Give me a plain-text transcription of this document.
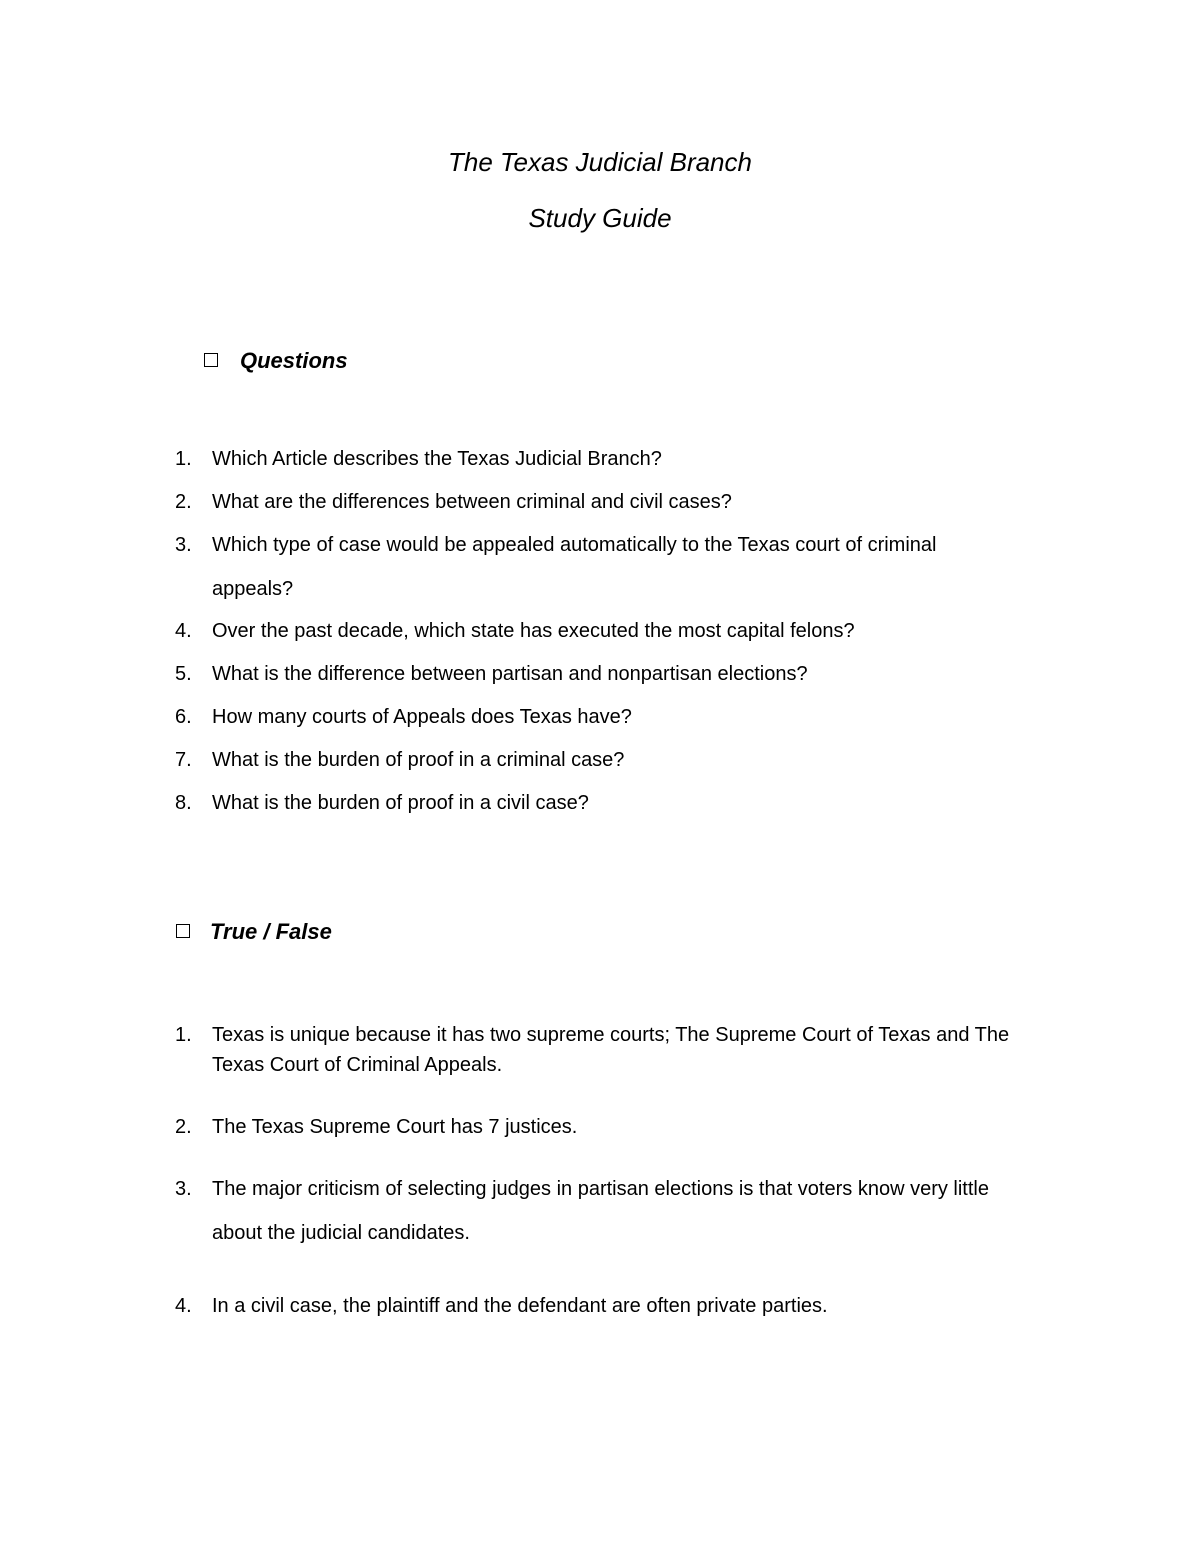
The Texas Judicial Branch
Study Guide
Questions
1. Which Article describes the Texas Judicial Branch?
2. What are the differences between criminal and civil cases?
3. Which type of case would be appealed automatically to the Texas court of criminal
appeals?
4. Over the past decade, which state has executed the most capital felons?
5. What is the difference between partisan and nonpartisan elections?
6. How many courts of Appeals does Texas have?
7. What is the burden of proof in a criminal case?
8. What is the burden of proof in a civil case?
True / False
1.	Texas is unique because it has two supreme courts; The Supreme Court of Texas and The
Texas Court of Criminal Appeals.
2.	The Texas Supreme Court has 7 justices.
3.	The major criticism of selecting judges in partisan elections is that voters know very little
about the judicial candidates.
4.	In a civil case, the plaintiff and the defendant are often private parties.
